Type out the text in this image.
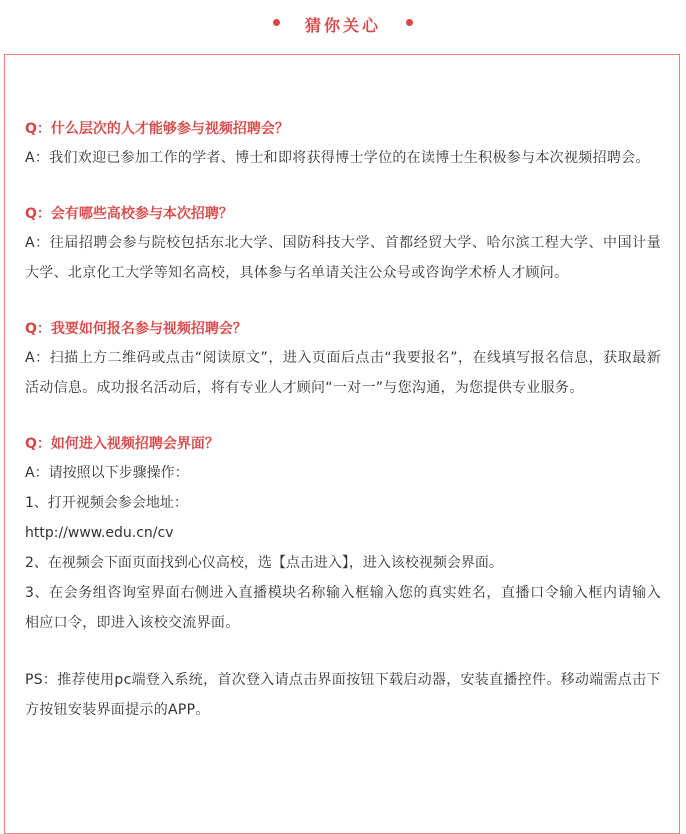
猜你关心

Q：什么层次的人才能够参与视频招聘会？

A：我们欢迎已参加工作的学者、博士和即将获得博士学位的在读博士生积极参与本次视频招聘会。

Q：会有哪些高校参与本次招聘？

A：往届招聘会参与院校包括东北大学、国防科技大学、首都经贸大学、哈尔滨工程大学、中国计量大学、北京化工大学等知名高校，具体参与名单请关注公众号或咨询学术桥人才顾问。

Q：我要如何报名参与视频招聘会？

A：扫描上方二维码或点击“阅读原文”，进入页面后点击“我要报名”，在线填写报名信息，获取最新活动信息。成功报名活动后，将有专业人才顾问“一对一”与您沟通，为您提供专业服务。

Q：如何进入视频招聘会界面？

A：请按照以下步骤操作：

1、打开视频会参会地址：

http://www.edu.cn/cv

2、在视频会下面页面找到心仪高校，选【点击进入】，进入该校视频会界面。

3、在会务组咨询室界面右侧进入直播模块名称输入框输入您的真实姓名，直播口令输入框内请输入相应口令，即进入该校交流界面。

PS：推荐使用pc端登入系统，首次登入请点击界面按钮下载启动器，安装直播控件。移动端需点击下方按钮安装界面提示的APP。
